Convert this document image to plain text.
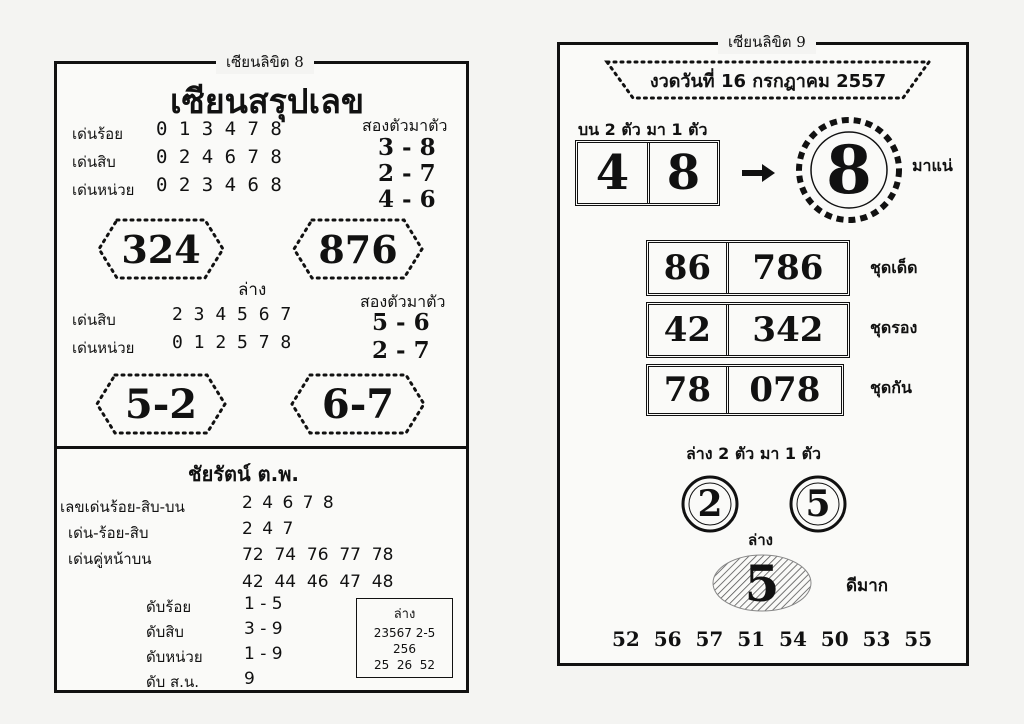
เซียนลิขิต 8
เซียนสรุปเลข
เด่นร้อย 0 1 3 4 7 8
เด่นสิบ 0 2 4 6 7 8
เด่นหน่วย 0 2 3 4 6 8
สองตัวมาตัว
3 - 8
2 - 7
4 - 6
324	876
ล่าง
เด่นสิบ	2 3 4 5 6 7
เด่นหน่วย 0 1 2 5 7 8
สองตัวมาตัว
5 - 6
2 - 7
5-2	6-7
ชัยรัตน์ ต.พ.
เลขเด่นร้อย-สิบ-บน	2 4 6 7 8
เด่น-ร้อย-สิบ	2 4 7
เด่นคู่หน้าบน	72  74  76  77  78
42  44  46  47  48
ดับร้อย	1 - 5
ดับสิบ	3 - 9
ดับหน่วย 1 - 9
ดับ ส.น.	9
ล่าง
23567 2-5
256
25  26  52
เซียนลิขิต 9
งวดวันที่ 16 กรกฎาคม 2557
บน 2 ตัว มา 1 ตัว
4 8	8	มาแน่
86	786	ชุดเด็ด
42	342	ชุดรอง
78	078	ชุดกัน
ล่าง 2 ตัว มา 1 ตัว
2	5
ล่าง
5	ดีมาก
52  56  57  51  54  50  53  55
